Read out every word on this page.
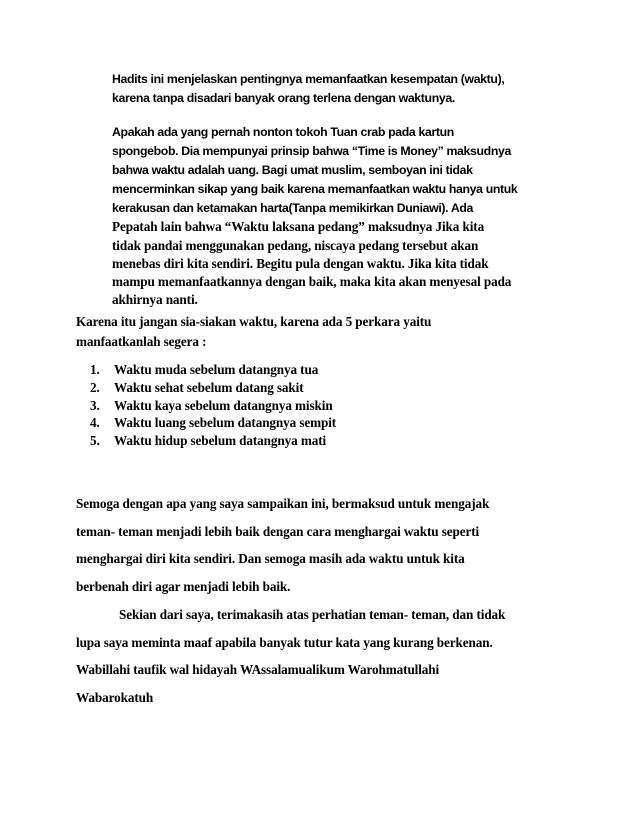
Hadits ini menjelaskan pentingnya memanfaatkan kesempatan (waktu),
karena tanpa disadari banyak orang terlena dengan waktunya.
Apakah ada yang pernah nonton tokoh Tuan crab pada kartun
spongebob. Dia mempunyai prinsip bahwa “Time is Money” maksudnya
bahwa waktu adalah uang. Bagi umat muslim, semboyan ini tidak
mencerminkan sikap yang baik karena memanfaatkan waktu hanya untuk
kerakusan dan ketamakan harta(Tanpa memikirkan Duniawi). Ada
Pepatah lain bahwa “Waktu laksana pedang” maksudnya Jika kita
tidak pandai menggunakan pedang, niscaya pedang tersebut akan
menebas diri kita sendiri. Begitu pula dengan waktu. Jika kita tidak
mampu memanfaatkannya dengan baik, maka kita akan menyesal pada
akhirnya nanti.
Karena itu jangan sia-siakan waktu, karena ada 5 perkara yaitu
manfaatkanlah segera :
1. Waktu muda sebelum datangnya tua
2. Waktu sehat sebelum datang sakit
3. Waktu kaya sebelum datangnya miskin
4. Waktu luang sebelum datangnya sempit
5. Waktu hidup sebelum datangnya mati
Semoga dengan apa yang saya sampaikan ini, bermaksud untuk mengajak
teman- teman menjadi lebih baik dengan cara menghargai waktu seperti
menghargai diri kita sendiri. Dan semoga masih ada waktu untuk kita
berbenah diri agar menjadi lebih baik.
Sekian dari saya, terimakasih atas perhatian teman- teman, dan tidak
lupa saya meminta maaf apabila banyak tutur kata yang kurang berkenan.
Wabillahi taufik wal hidayah WAssalamualikum Warohmatullahi
Wabarokatuh
